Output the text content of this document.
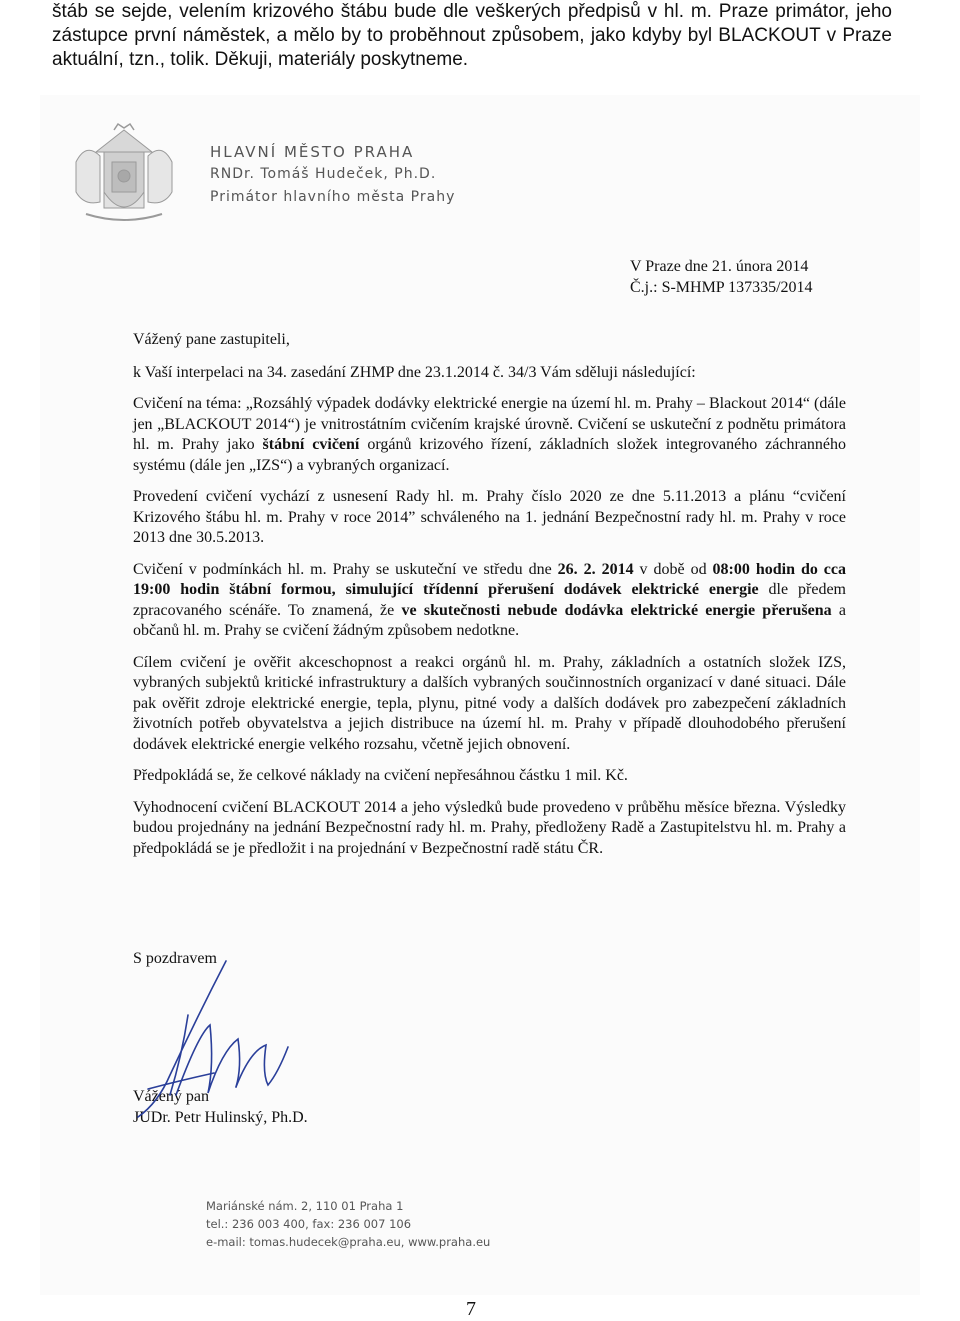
štáb se sejde, velením krizového štábu bude dle veškerých předpisů v hl. m. Praze primátor, jeho zástupce první náměstek, a mělo by to proběhnout způsobem, jako kdyby byl BLACKOUT v Praze aktuální, tzn., tolik. Děkuji, materiály poskytneme.

HLAVNÍ MĚSTO PRAHA

RNDr. Tomáš Hudeček, Ph.D.

Primátor hlavního města Prahy

V Praze dne 21. února 2014
Č.j.: S-MHMP 137335/2014

Vážený pane zastupiteli,

k Vaší interpelaci na 34. zasedání ZHMP dne 23.1.2014 č. 34/3 Vám sděluji následující:

Cvičení na téma: „Rozsáhlý výpadek dodávky elektrické energie na území hl. m. Prahy – Blackout 2014“ (dále jen „BLACKOUT 2014“) je vnitrostátním cvičením krajské úrovně. Cvičení se uskuteční z podnětu primátora hl. m. Prahy jako štábní cvičení orgánů krizového řízení, základních složek integrovaného záchranného systému (dále jen „IZS“) a vybraných organizací.

Provedení cvičení vychází z usnesení Rady hl. m. Prahy číslo 2020 ze dne 5.11.2013 a plánu “cvičení Krizového štábu hl. m. Prahy v roce 2014” schváleného na 1. jednání Bezpečnostní rady hl. m. Prahy v roce 2013 dne 30.5.2013.

Cvičení v podmínkách hl. m. Prahy se uskuteční ve středu dne 26. 2. 2014 v době od 08:00 hodin do cca 19:00 hodin štábní formou, simulující třídenní přerušení dodávek elektrické energie dle předem zpracovaného scénáře. To znamená, že ve skutečnosti nebude dodávka elektrické energie přerušena a občanů hl. m. Prahy se cvičení žádným způsobem nedotkne.

Cílem cvičení je ověřit akceschopnost a reakci orgánů hl. m. Prahy, základních a ostatních složek IZS, vybraných subjektů kritické infrastruktury a dalších vybraných součinnostních organizací v dané situaci. Dále pak ověřit zdroje elektrické energie, tepla, plynu, pitné vody a dalších dodávek pro zabezpečení základních životních potřeb obyvatelstva a jejich distribuce na území hl. m. Prahy v případě dlouhodobého přerušení dodávek elektrické energie velkého rozsahu, včetně jejich obnovení.

Předpokládá se, že celkové náklady na cvičení nepřesáhnou částku 1 mil. Kč.

Vyhodnocení cvičení BLACKOUT 2014 a jeho výsledků bude provedeno v průběhu měsíce března. Výsledky budou projednány na jednání Bezpečnostní rady hl. m. Prahy, předloženy Radě a Zastupitelstvu hl. m. Prahy a předpokládá se je předložit i na projednání v Bezpečnostní radě státu ČR.

S pozdravem
Vážený pan
JUDr. Petr Hulinský, Ph.D.
Mariánské nám. 2, 110 01 Praha 1
tel.: 236 003 400, fax: 236 007 106
e-mail: tomas.hudecek@praha.eu, www.praha.eu
7
